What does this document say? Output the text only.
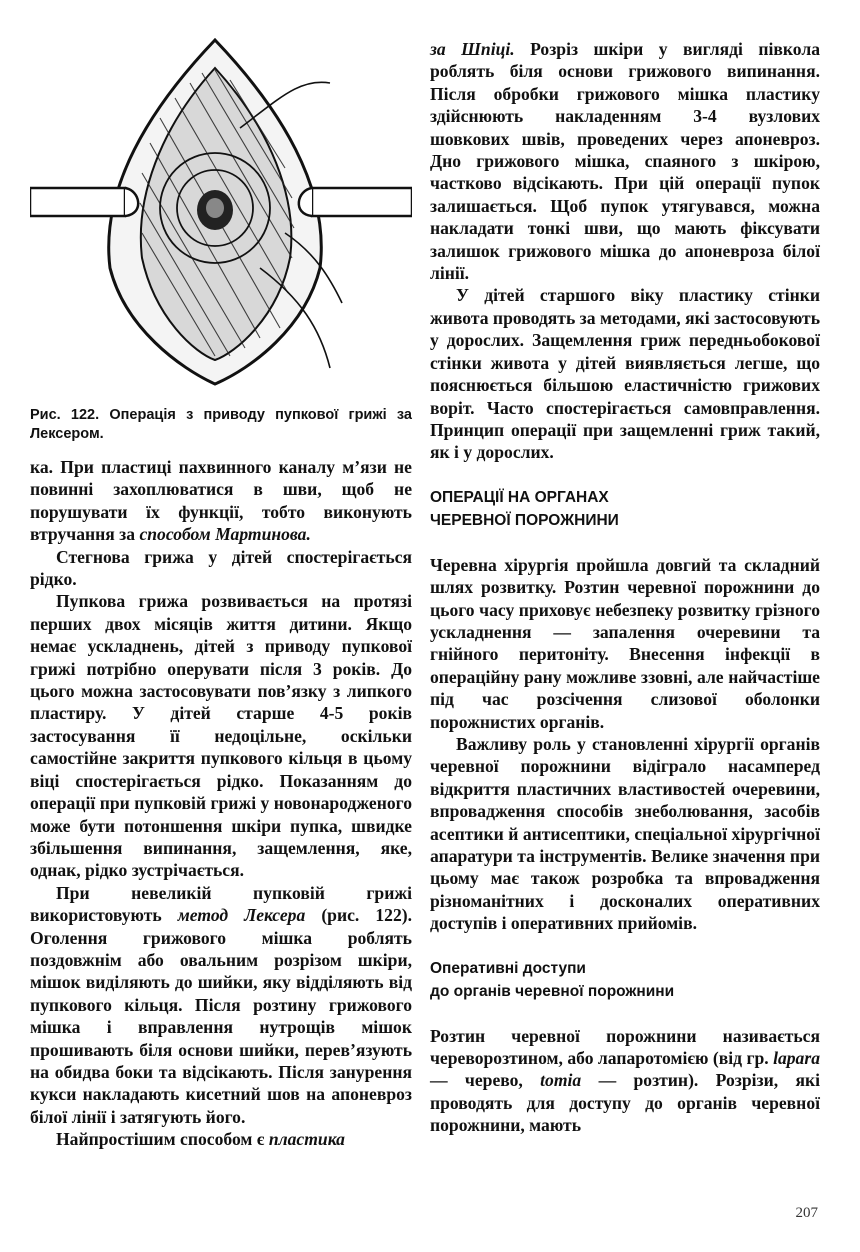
Рис. 122. Операція з приводу пупкової грижі за Лексером.

ка. При пластиці пахвинного каналу м’язи не повинні захоплюватися в шви, щоб не порушувати їх функції, тобто виконують втручання за способом Мартинова.

Стегнова грижа у дітей спостерігається рідко.

Пупкова грижа розвивається на протязі перших двох місяців життя дитини. Якщо немає ускладнень, дітей з приводу пупкової грижі потрібно оперувати після 3 років. До цього можна застосовувати пов’язку з липкого пластиру. У дітей старше 4-5 років застосування її недоцільне, оскільки самостійне закриття пупкового кільця в цьому віці спостерігається рідко. Показанням до операції при пупковій грижі у новонародженого може бути потоншення шкіри пупка, швидке збільшення випинання, защемлення, яке, однак, рідко зустрічається.

При невеликій пупковій грижі використовують метод Лексера (рис. 122). Оголення грижового мішка роблять поздовжнім або овальним розрізом шкіри, мішок виділяють до шийки, яку відділяють від пупкового кільця. Після розтину грижового мішка і вправлення нутрощів мішок прошивають біля основи шийки, перев’язують на обидва боки та відсікають. Після занурення кукси накладають кисетний шов на апоневроз білої лінії і затягують його.

Найпростішим способом є пластика

за Шпіці. Розріз шкіри у вигляді півкола роблять біля основи грижового випинання. Після обробки грижового мішка пластику здійснюють накладенням 3-4 вузлових шовкових швів, проведених через апоневроз. Дно грижового мішка, спаяного з шкірою, частково відсікають. При цій операції пупок залишається. Щоб пупок утягувався, можна накладати тонкі шви, що мають фіксувати залишок грижового мішка до апоневроза білої лінії.

У дітей старшого віку пластику стінки живота проводять за методами, які застосовують у дорослих. Защемлення гриж передньобокової стінки живота у дітей виявляється легше, що пояснюється більшою еластичністю грижових воріт. Часто спостерігається самовправлення. Принцип операції при защемленні гриж такий, як і у дорослих.

ОПЕРАЦІЇ НА ОРГАНАХ
ЧЕРЕВНОЇ ПОРОЖНИНИ

Черевна хірургія пройшла довгий та складний шлях розвитку. Розтин черевної порожнини до цього часу приховує небезпеку розвитку грізного ускладнення — запалення очеревини та гнійного перитоніту. Внесення інфекції в операційну рану можливе ззовні, але найчастіше під час розсічення слизової оболонки порожнистих органів.

Важливу роль у становленні хірургії органів черевної порожнини відіграло насамперед відкриття пластичних властивостей очеревини, впровадження способів знеболювання, засобів асептики й антисептики, спеціальної хірургічної апаратури та інструментів. Велике значення при цьому має також розробка та впровадження різноманітних і досконалих оперативних доступів і оперативних прийомів.

Оперативні доступи
до органів черевної порожнини

Розтин черевної порожнини називається череворозтином, або лапаротомією (від гр. lapara — черево, tomia — розтин). Розрізи, які проводять для доступу до органів черевної порожнини, мають

207
